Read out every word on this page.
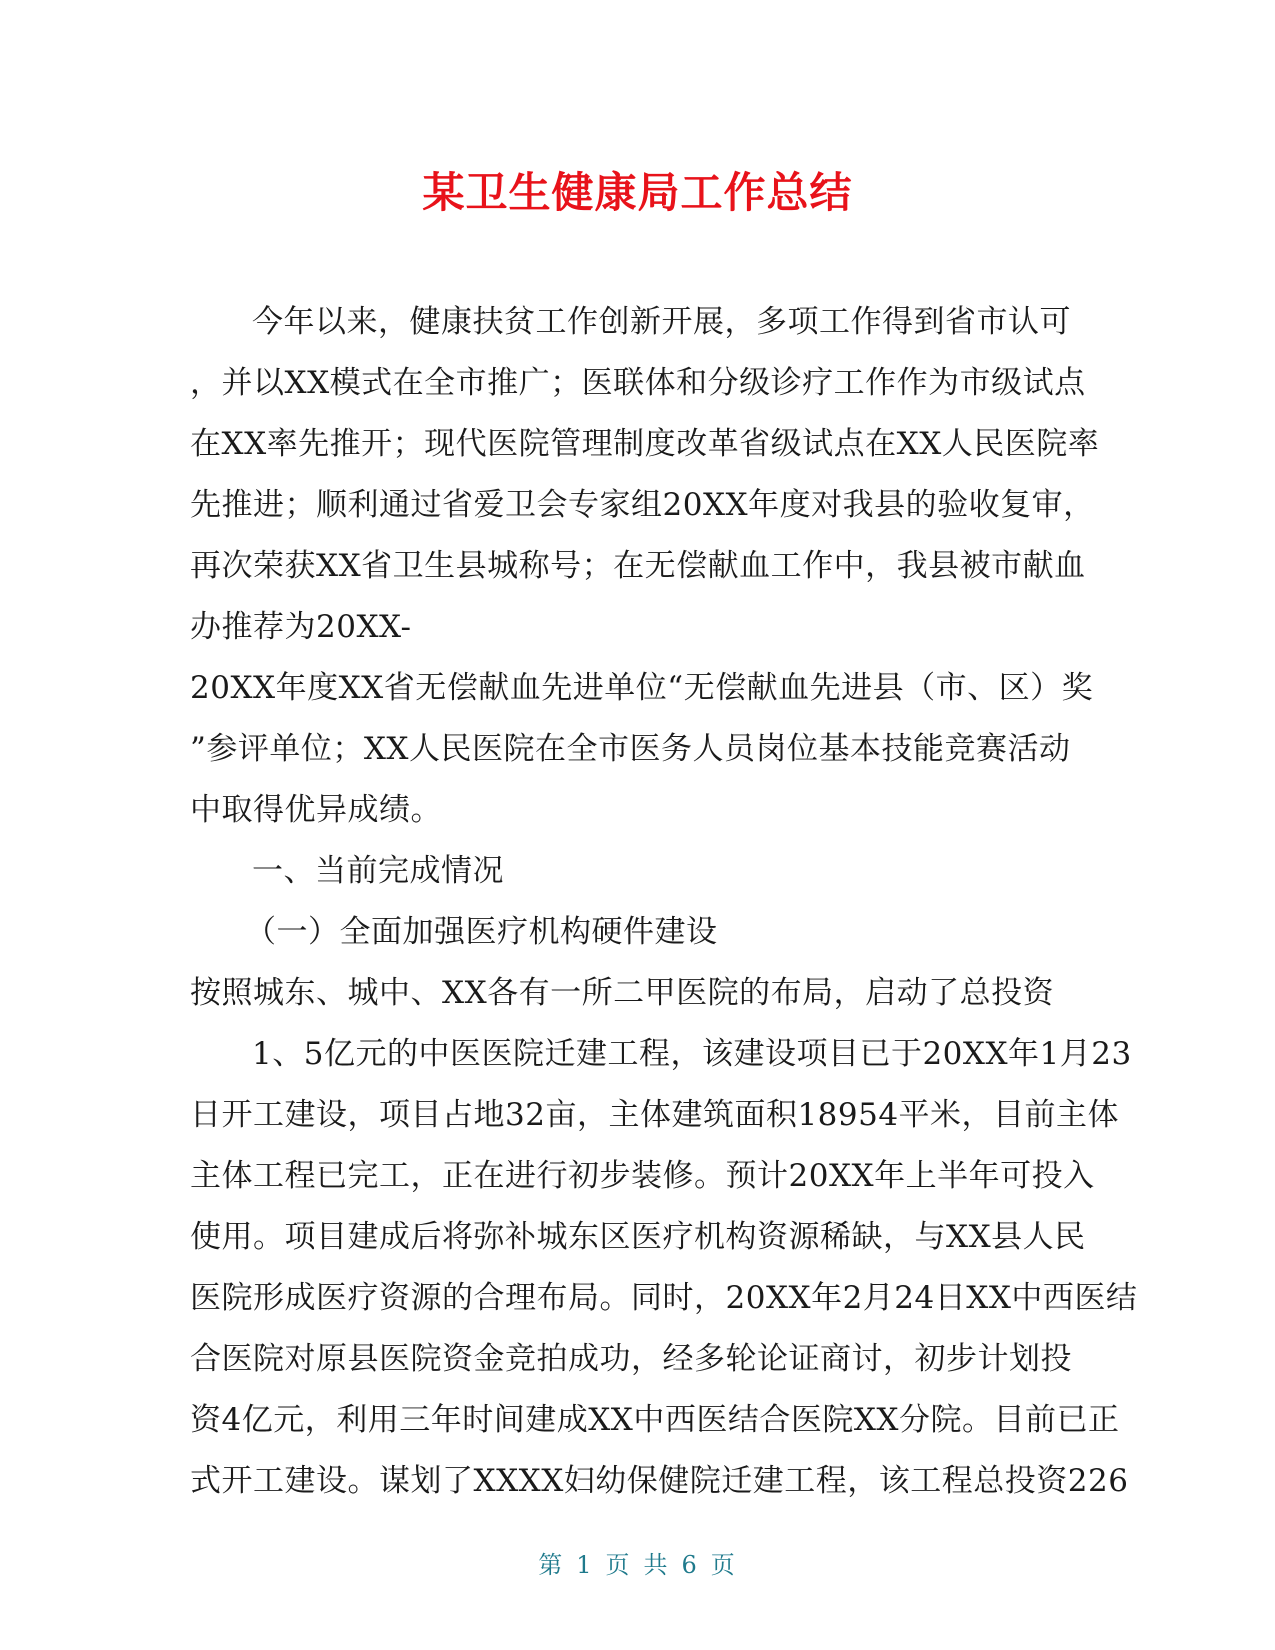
某卫生健康局工作总结
今年以来，健康扶贫工作创新开展，多项工作得到省市认可
，并以XX模式在全市推广；医联体和分级诊疗工作作为市级试点
在XX率先推开；现代医院管理制度改革省级试点在XX人民医院率
先推进；顺利通过省爱卫会专家组20XX年度对我县的验收复审，
再次荣获XX省卫生县城称号；在无偿献血工作中，我县被市献血
办推荐为20XX-
20XX年度XX省无偿献血先进单位“无偿献血先进县（市、区）奖
”参评单位；XX人民医院在全市医务人员岗位基本技能竞赛活动
中取得优异成绩。
一、当前完成情况
（一）全面加强医疗机构硬件建设
按照城东、城中、XX各有一所二甲医院的布局，启动了总投资
1、5亿元的中医医院迁建工程，该建设项目已于20XX年1月23
日开工建设，项目占地32亩，主体建筑面积18954平米，目前主体
主体工程已完工，正在进行初步装修。预计20XX年上半年可投入
使用。项目建成后将弥补城东区医疗机构资源稀缺，与XX县人民
医院形成医疗资源的合理布局。同时，20XX年2月24日XX中西医结
合医院对原县医院资金竞拍成功，经多轮论证商讨，初步计划投
资4亿元，利用三年时间建成XX中西医结合医院XX分院。目前已正
式开工建设。谋划了XXXX妇幼保健院迁建工程，该工程总投资226
第 1 页 共 6 页
